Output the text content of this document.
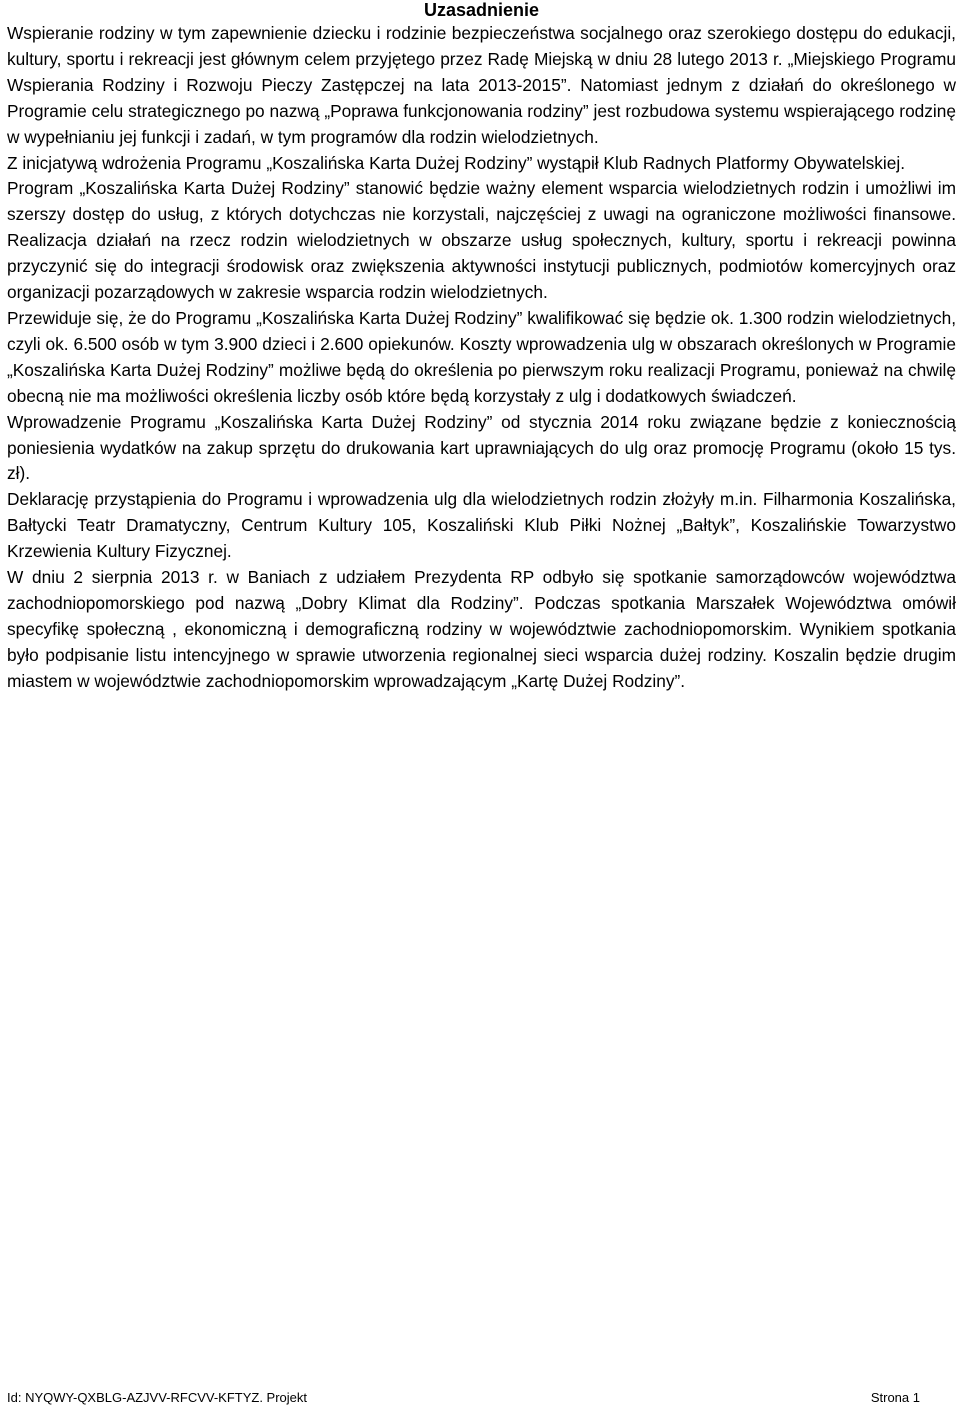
Uzasadnienie

Wspieranie rodziny w tym zapewnienie dziecku i rodzinie bezpieczeństwa socjalnego oraz szerokiego dostępu do edukacji, kultury, sportu i rekreacji jest głównym celem przyjętego przez Radę Miejską w dniu 28 lutego 2013 r. „Miejskiego Programu Wspierania Rodziny i Rozwoju Pieczy Zastępczej na lata 2013-2015”. Natomiast jednym z działań do określonego w Programie celu strategicznego po nazwą „Poprawa funkcjonowania rodziny” jest rozbudowa systemu wspierającego rodzinę w wypełnianiu jej funkcji i zadań, w tym programów dla rodzin wielodzietnych.

Z inicjatywą wdrożenia Programu „Koszalińska Karta Dużej Rodziny” wystąpił Klub Radnych Platformy Obywatelskiej.

Program „Koszalińska Karta Dużej Rodziny” stanowić będzie ważny element wsparcia wielodzietnych rodzin i umożliwi im szerszy dostęp do usług, z których dotychczas nie korzystali, najczęściej z uwagi na ograniczone możliwości finansowe. Realizacja działań na rzecz rodzin wielodzietnych w obszarze usług społecznych, kultury, sportu i rekreacji powinna przyczynić się do integracji środowisk oraz zwiększenia aktywności instytucji publicznych, podmiotów komercyjnych oraz organizacji pozarządowych w zakresie wsparcia rodzin wielodzietnych.

Przewiduje się, że do Programu „Koszalińska Karta Dużej Rodziny” kwalifikować się będzie ok. 1.300 rodzin wielodzietnych, czyli ok. 6.500 osób w tym 3.900 dzieci i 2.600 opiekunów. Koszty wprowadzenia ulg w obszarach określonych w Programie „Koszalińska Karta Dużej Rodziny” możliwe będą do określenia po pierwszym roku realizacji Programu, ponieważ na chwilę obecną nie ma możliwości określenia liczby osób które będą korzystały z ulg i dodatkowych świadczeń.

Wprowadzenie Programu „Koszalińska Karta Dużej Rodziny” od stycznia 2014 roku związane będzie z koniecznością poniesienia wydatków na zakup sprzętu do drukowania kart uprawniających do ulg oraz promocję Programu (około 15 tys. zł).

Deklarację przystąpienia do Programu i wprowadzenia ulg dla wielodzietnych rodzin złożyły m.in. Filharmonia Koszalińska, Bałtycki Teatr Dramatyczny, Centrum Kultury 105, Koszaliński Klub Piłki Nożnej „Bałtyk”, Koszalińskie Towarzystwo Krzewienia Kultury Fizycznej.

W dniu 2 sierpnia 2013 r. w Baniach z udziałem Prezydenta RP odbyło się spotkanie samorządowców województwa zachodniopomorskiego pod nazwą „Dobry Klimat dla Rodziny”. Podczas spotkania Marszałek Województwa omówił specyfikę społeczną , ekonomiczną i demograficzną rodziny w województwie zachodniopomorskim. Wynikiem spotkania było podpisanie listu intencyjnego w sprawie utworzenia regionalnej sieci wsparcia dużej rodziny. Koszalin będzie drugim miastem w województwie zachodniopomorskim wprowadzającym „Kartę Dużej Rodziny”.

Id: NYQWY-QXBLG-AZJVV-RFCVV-KFTYZ. Projekt	Strona 1
